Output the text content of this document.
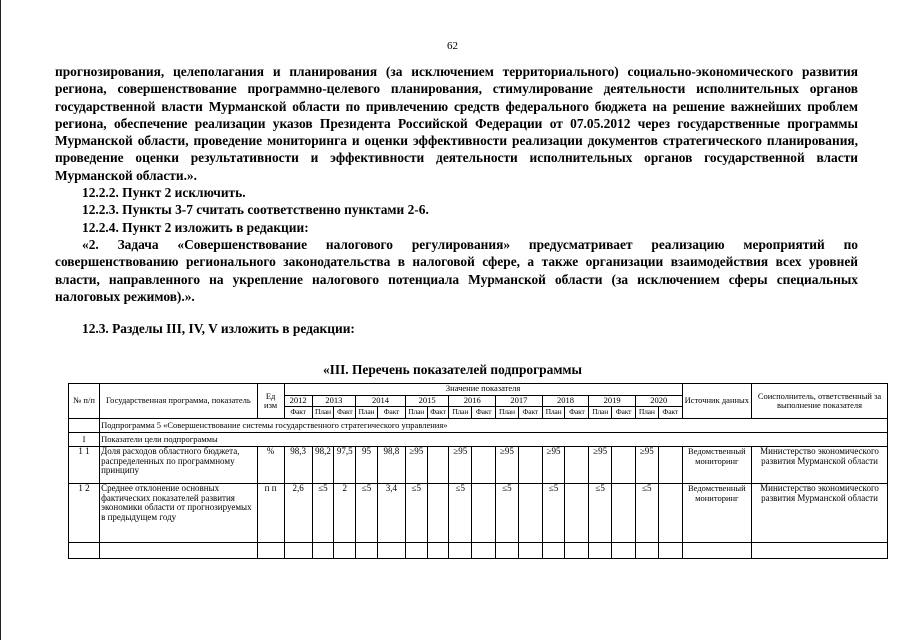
62

прогнозирования, целеполагания и планирования (за исключением территориального) социально-экономического развития региона, совершенствование программно-целевого планирования, стимулирование деятельности исполнительных органов государственной власти Мурманской области по привлечению средств федерального бюджета на решение важнейших проблем региона, обеспечение реализации указов Президента Российской Федерации от 07.05.2012 через государственные программы Мурманской области, проведение мониторинга и оценки эффективности реализации документов стратегического планирования, проведение оценки результативности и эффективности деятельности исполнительных органов государственной власти Мурманской области.».

12.2.2. Пункт 2 исключить.

12.2.3. Пункты 3-7 считать соответственно пунктами 2-6.

12.2.4. Пункт 2 изложить в редакции:

«2. Задача «Совершенствование налогового регулирования» предусматривает реализацию мероприятий по совершенствованию регионального законодательства в налоговой сфере, а также организации взаимодействия всех уровней власти, направленного на укрепление налогового потенциала Мурманской области (за исключением сферы специальных налоговых режимов).».

12.3. Разделы III, IV, V изложить в редакции:

«III. Перечень показателей подпрограммы
№ п/п	Государственная программа, показатель	Ед изм	Значение показателя																	Источник данных	Соисполнитель, ответственный за выполнение показателя
			2012	2013		2014		2015		2016		2017		2018		2019		2020			
			Факт	План	Факт	План	Факт	План	Факт	План	Факт	План	Факт	План	Факт	План	Факт	План	Факт		
	Подпрограмма 5 «Совершенствование системы государственного стратегического управления»																				
I	Показатели цели подпрограммы																				
1 1	Доля расходов областного бюджета, распределенных по программному принципу	%	98,3	98,2	97,5	95	98,8	≥95		≥95		≥95		≥95		≥95		≥95		Ведомственный мониторинг	Министерство экономического развития Мурманской области
1 2	Среднее отклонение основных фактических показателей развития экономики области от прогнозируемых в предыдущем году	п п	2,6	≤5	2	≤5	3,4	≤5		≤5		≤5		≤5		≤5		≤5		Ведомственный мониторинг	Министерство экономического развития Мурманской области
